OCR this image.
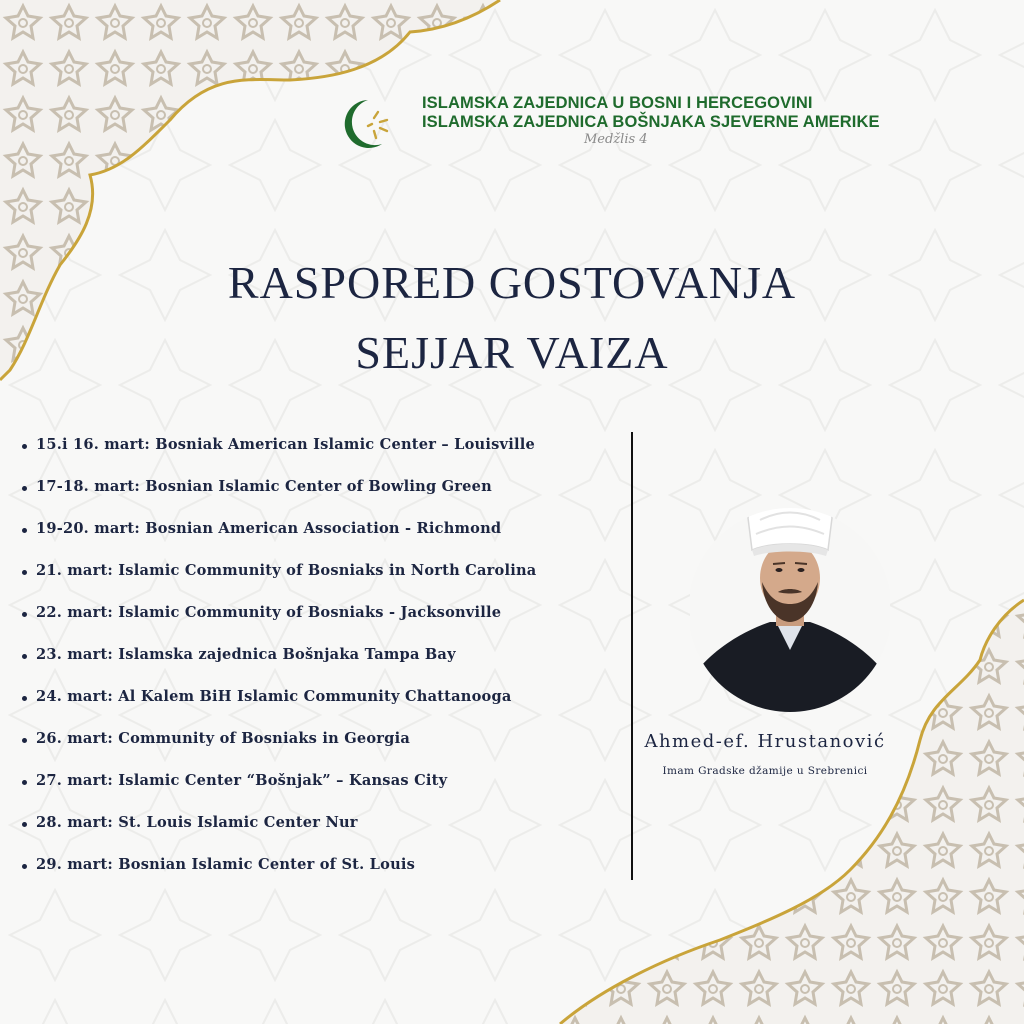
ISLAMSKA ZAJEDNICA U BOSNI I HERCEGOVINI
ISLAMSKA ZAJEDNICA BOŠNJAKA SJEVERNE AMERIKE
Medžlis 4
RASPORED GOSTOVANJA
SEJJAR VAIZA
15.i 16. mart: Bosniak American Islamic Center – Louisville
17-18. mart: Bosnian Islamic Center of Bowling Green
19-20. mart: Bosnian American Association - Richmond
21. mart: Islamic Community of Bosniaks in North Carolina
22. mart: Islamic Community of Bosniaks - Jacksonville
23. mart: Islamska zajednica Bošnjaka Tampa Bay
24. mart: Al Kalem BiH Islamic Community Chattanooga
26. mart: Community of Bosniaks in Georgia
27. mart: Islamic Center “Bošnjak” – Kansas City
28. mart: St. Louis Islamic Center Nur
29. mart: Bosnian Islamic Center of St. Louis
Ahmed-ef. Hrustanović
Imam Gradske džamije u Srebrenici
